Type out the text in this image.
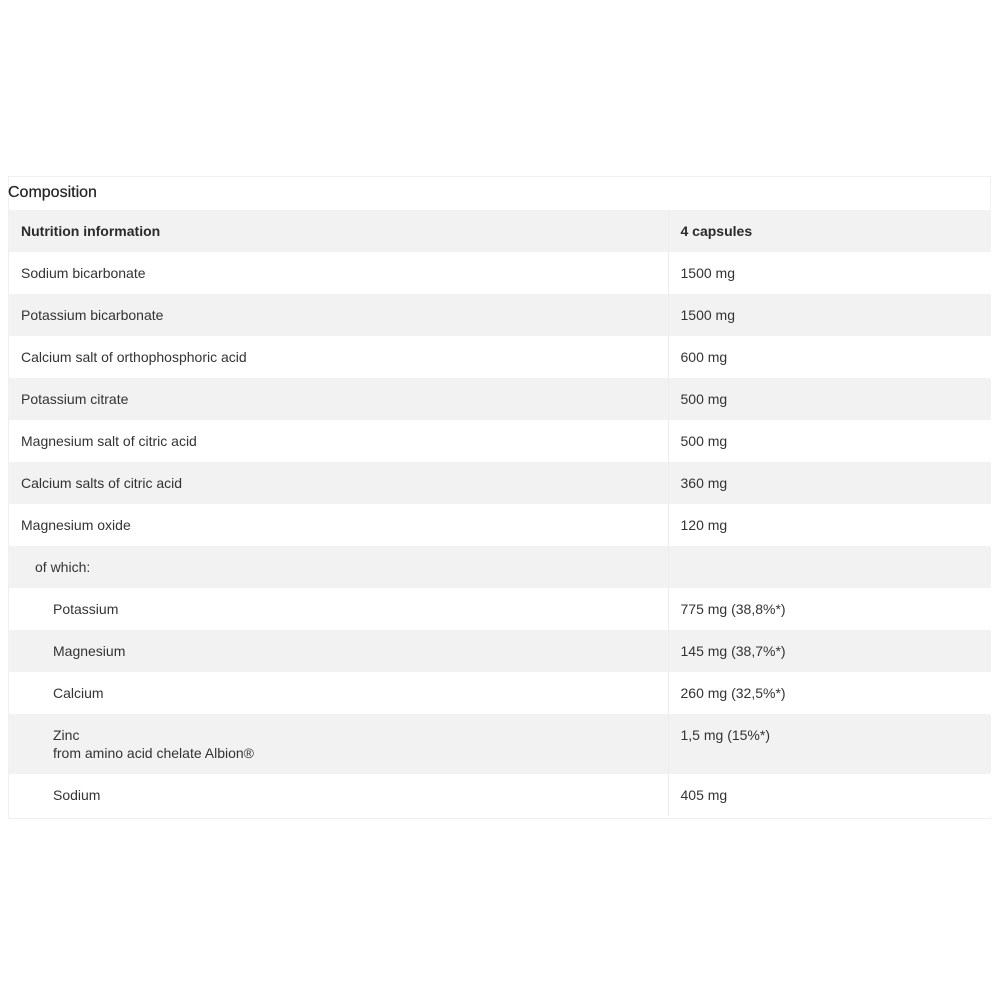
Composition
Nutrition information	4 capsules
Sodium bicarbonate	1500 mg
Potassium bicarbonate	1500 mg
Calcium salt of orthophosphoric acid	600 mg
Potassium citrate	500 mg
Magnesium salt of citric acid	500 mg
Calcium salts of citric acid	360 mg
Magnesium oxide	120 mg
of which:	
Potassium	775 mg (38,8%*)
Magnesium	145 mg (38,7%*)
Calcium	260 mg (32,5%*)

Zinc
from amino acid chelate Albion®	1,5 mg (15%*)
Sodium	405 mg
